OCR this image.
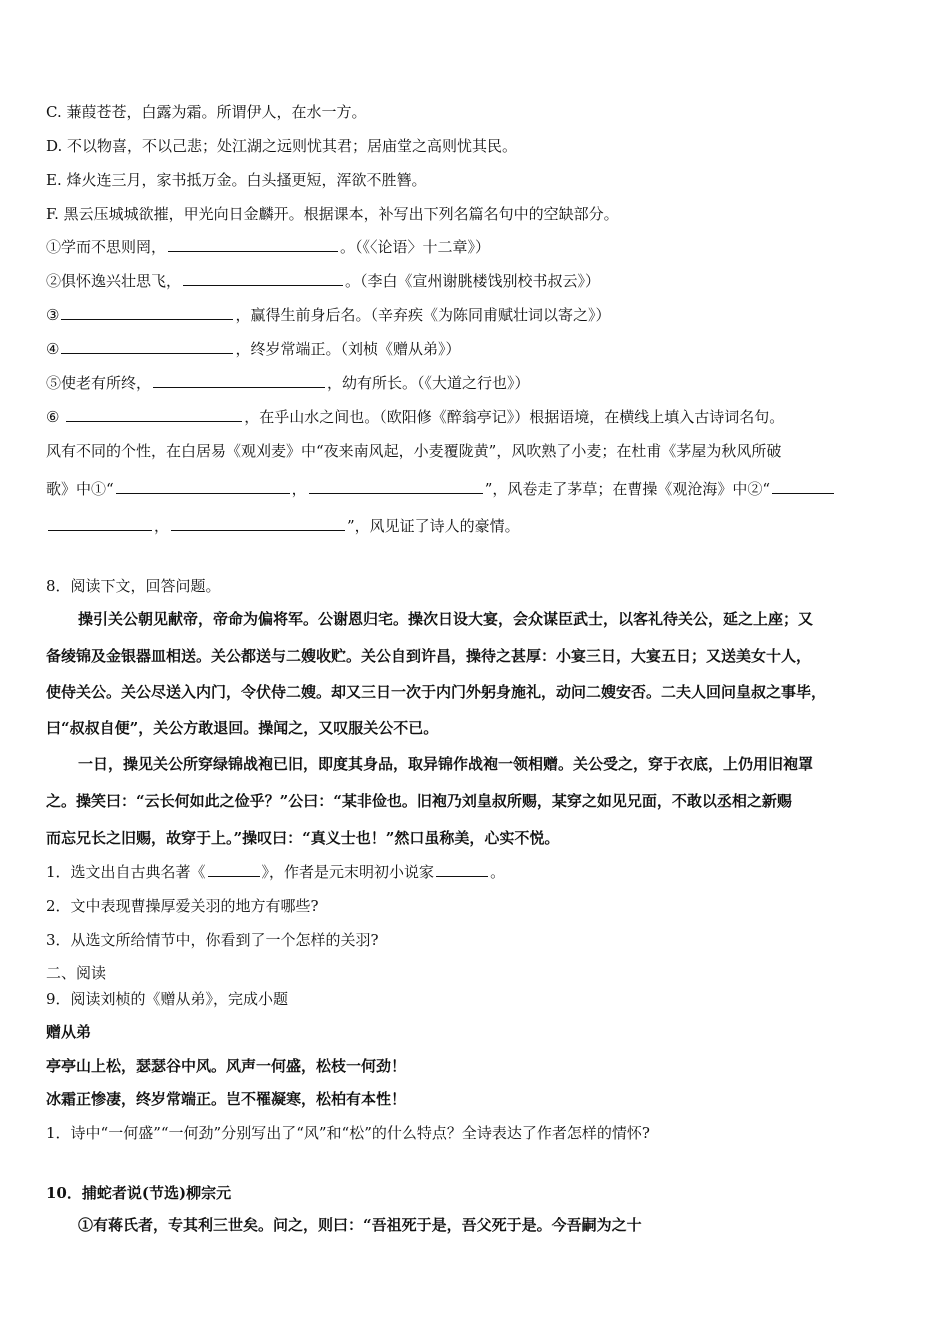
C. 蒹葭苍苍，白露为霜。所谓伊人，在水一方。
D. 不以物喜，不以己悲；处江湖之远则忧其君；居庙堂之高则忧其民。
E. 烽火连三月，家书抵万金。白头搔更短，浑欲不胜簪。
F. 黑云压城城欲摧，甲光向日金麟开。根据课本，补写出下列名篇名句中的空缺部分。
①学而不思则罔，	。（《〈论语〉十二章》）
②俱怀逸兴壮思飞，	。（李白《宣州谢朓楼饯别校书叔云》）
③	，赢得生前身后名。（辛弃疾《为陈同甫赋壮词以寄之》）
④	，终岁常端正。（刘桢《赠从弟》）
⑤使老有所终，	，幼有所长。（《大道之行也》）
⑥	，在乎山水之间也。（欧阳修《醉翁亭记》）根据语境，在横线上填入古诗词名句。
风有不同的个性，在白居易《观刈麦》中“夜来南风起，小麦覆陇黄”，风吹熟了小麦；在杜甫《茅屋为秋风所破
歌》中①“	，	”，风卷走了茅草；在曹操《观沧海》中②“
，	”，风见证了诗人的豪情。
8．阅读下文，回答问题。
操引关公朝见献帝，帝命为偏将军。公谢恩归宅。操次日设大宴，会众谋臣武士，以客礼待关公，延之上座；又
备绫锦及金银器皿相送。关公都送与二嫂收贮。关公自到许昌，操待之甚厚：小宴三日，大宴五日；又送美女十人，
使侍关公。关公尽送入内门，令伏侍二嫂。却又三日一次于内门外躬身施礼，动问二嫂安否。二夫人回问皇叔之事毕，
曰“叔叔自便”，关公方敢退回。操闻之，又叹服关公不已。
一日，操见关公所穿绿锦战袍已旧，即度其身品，取异锦作战袍一领相赠。关公受之，穿于衣底，上仍用旧袍罩
之。操笑曰：“云长何如此之俭乎？”公曰：“某非俭也。旧袍乃刘皇叔所赐，某穿之如见兄面，不敢以丞相之新赐
而忘兄长之旧赐，故穿于上。”操叹曰：“真义士也！”然口虽称美，心实不悦。
1．选文出自古典名著《	》，作者是元末明初小说家	。
2．文中表现曹操厚爱关羽的地方有哪些?
3．从选文所给情节中，你看到了一个怎样的关羽?
二、阅读
9．阅读刘桢的《赠从弟》，完成小题
赠从弟
亭亭山上松，瑟瑟谷中风。风声一何盛，松枝一何劲！
冰霜正惨凄，终岁常端正。岂不罹凝寒，松柏有本性！
1．诗中“一何盛”“一何劲”分别写出了“风”和“松”的什么特点？全诗表达了作者怎样的情怀?
10．捕蛇者说(节选)柳宗元
①有蒋氏者，专其利三世矣。问之，则曰：“吾祖死于是，吾父死于是。今吾嗣为之十
